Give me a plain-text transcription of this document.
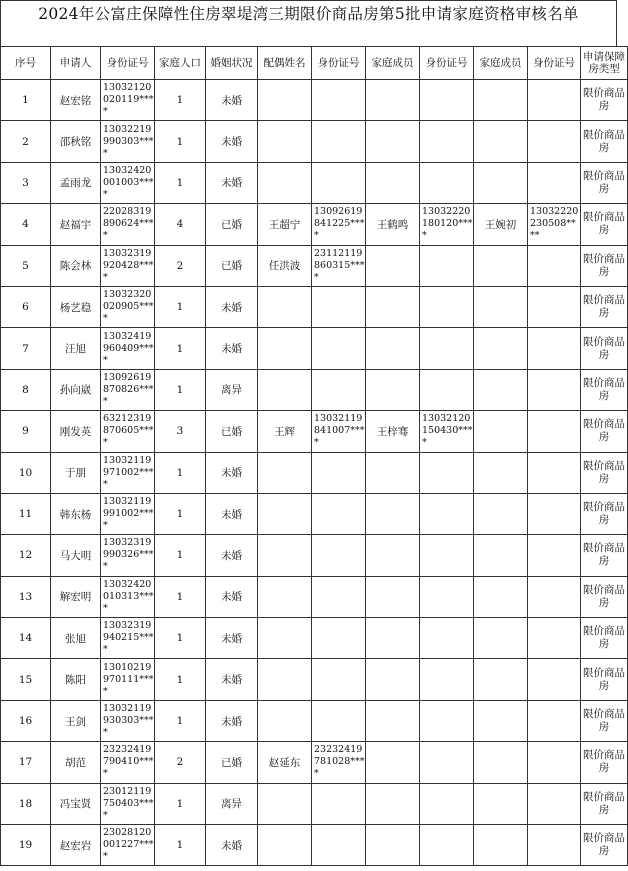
2024年公富庄保障性住房翠堤湾三期限价商品房第5批申请家庭资格审核名单
序号	申请人	身份证号	家庭人口	婚姻状况	配偶姓名	身份证号	家庭成员	身份证号	家庭成员	身份证号	申请保障房类型
1	赵宏铭	13032120020119****	1	未婚							限价商品房
2	邵秋铭	13032219990303****	1	未婚							限价商品房
3	孟雨龙	13032420001003****	1	未婚							限价商品房
4	赵福宇	22028319890624****	4	已婚	王超宁	13092619841225****	王鹤鸣	13032220180120****	王婉初	13032220230508****	限价商品房
5	陈会林	13032319920428****	2	已婚	任洪波	23112119860315****					限价商品房
6	杨艺稳	13032320020905****	1	未婚							限价商品房
7	汪旭	13032419960409****	1	未婚							限价商品房
8	孙向崴	13092619870826****	1	离异							限价商品房
9	刚发英	63212319870605****	3	已婚	王辉	13032119841007****	王梓骞	13032120150430****			限价商品房
10	于朋	13032119971002****	1	未婚							限价商品房
11	韩东杨	13032119991002****	1	未婚							限价商品房
12	马大明	13032319990326****	1	未婚							限价商品房
13	解宏明	13032420010313****	1	未婚							限价商品房
14	张旭	13032319940215****	1	未婚							限价商品房
15	陈阳	13010219970111****	1	未婚							限价商品房
16	王剑	13032119930303****	1	未婚							限价商品房
17	胡范	23232419790410****	2	已婚	赵延东	23232419781028****					限价商品房
18	冯宝贤	23012119750403****	1	离异							限价商品房
19	赵宏岩	23028120001227****	1	未婚							限价商品房
